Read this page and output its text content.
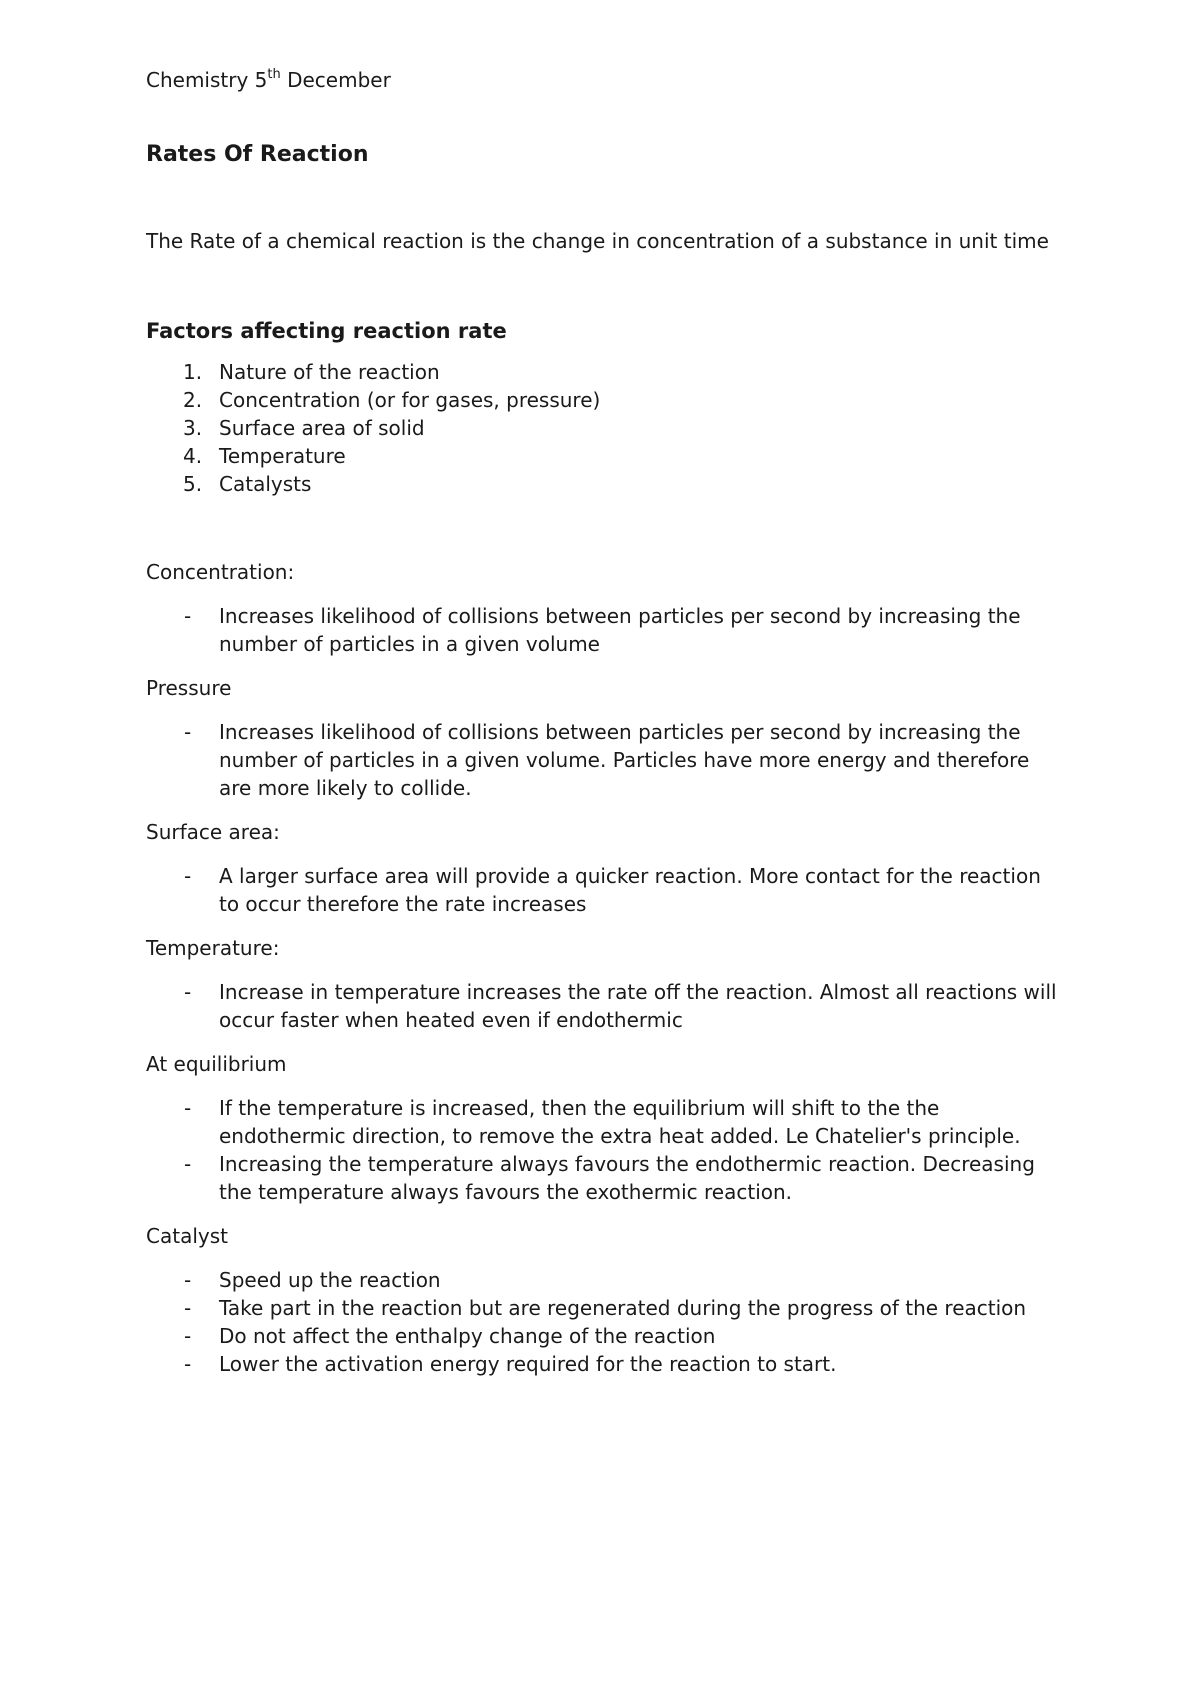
Chemistry 5th December

Rates Of Reaction

The Rate of a chemical reaction is the change in concentration of a substance in unit time

Factors affecting reaction rate
1. Nature of the reaction
2. Concentration (or for gases, pressure)
3. Surface area of solid
4. Temperature
5. Catalysts

Concentration:

- Increases likelihood of collisions between particles per second by increasing the number of particles in a given volume

Pressure

- Increases likelihood of collisions between particles per second by increasing the number of particles in a given volume. Particles have more energy and therefore are more likely to collide.

Surface area:

- A larger surface area will provide a quicker reaction. More contact for the reaction to occur therefore the rate increases

Temperature:

- Increase in temperature increases the rate off the reaction. Almost all reactions will occur faster when heated even if endothermic

At equilibrium

- If the temperature is increased, then the equilibrium will shift to the the endothermic direction, to remove the extra heat added. Le Chatelier's principle.
- Increasing the temperature always favours the endothermic reaction. Decreasing the temperature always favours the exothermic reaction.

Catalyst

- Speed up the reaction
- Take part in the reaction but are regenerated during the progress of the reaction
- Do not affect the enthalpy change of the reaction
- Lower the activation energy required for the reaction to start.
